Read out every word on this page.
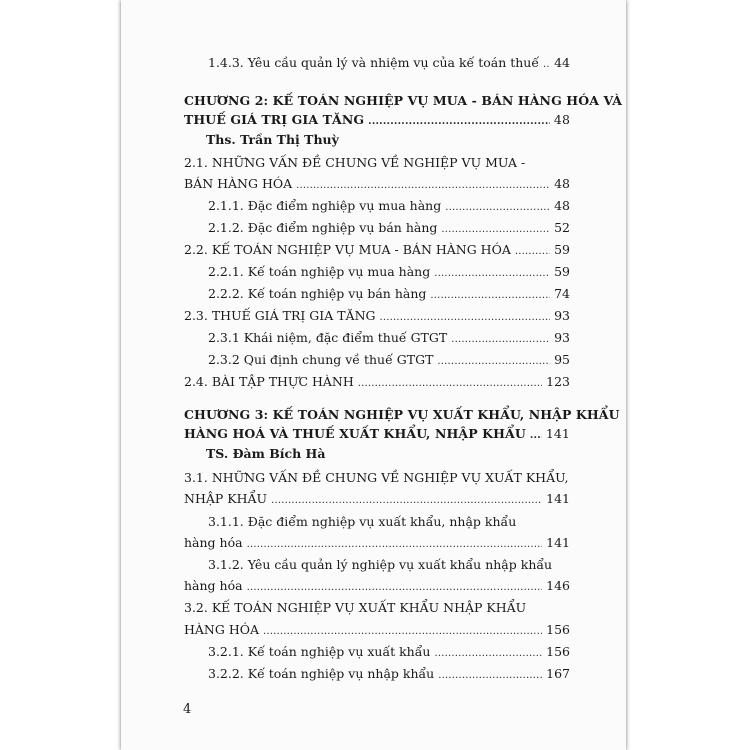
1.4.3. Yêu cầu quản lý và nhiệm vụ của kế toán thuế ..... 44
CHƯƠNG 2: KẾ TOÁN NGHIỆP VỤ MUA - BÁN HÀNG HÓA VÀ
THUẾ GIÁ TRỊ GIA TĂNG .....	48
Ths. Trần Thị Thuỳ
2.1. NHỮNG VẤN ĐỀ CHUNG VỀ NGHIỆP VỤ MUA -
BÁN HÀNG HÓA .....	48
2.1.1. Đặc điểm nghiệp vụ mua hàng .....	48
2.1.2. Đặc điểm nghiệp vụ bán hàng .....	52
2.2. KẾ TOÁN NGHIỆP VỤ MUA - BÁN HÀNG HÓA .....	59
2.2.1. Kế toán nghiệp vụ mua hàng .....	59
2.2.2. Kế toán nghiệp vụ bán hàng .....	74
2.3. THUẾ GIÁ TRỊ GIA TĂNG .....	93
2.3.1 Khái niệm, đặc điểm thuế GTGT .....	93
2.3.2 Qui định chung về thuế GTGT .....	95
2.4. BÀI TẬP THỰC HÀNH .....	123
CHƯƠNG 3: KẾ TOÁN NGHIỆP VỤ XUẤT KHẨU, NHẬP KHẨU
HÀNG HOÁ VÀ THUẾ XUẤT KHẨU, NHẬP KHẨU ..... 141
TS. Đàm Bích Hà
3.1. NHỮNG VẤN ĐỀ CHUNG VỀ NGHIỆP VỤ XUẤT KHẨU,
NHẬP KHẨU .....	141
3.1.1. Đặc điểm nghiệp vụ xuất khẩu, nhập khẩu
hàng hóa .....	141
3.1.2. Yêu cầu quản lý nghiệp vụ xuất khẩu nhập khẩu
hàng hóa .....	146
3.2. KẾ TOÁN NGHIỆP VỤ XUẤT KHẨU NHẬP KHẨU
HÀNG HÓA .....	156
3.2.1. Kế toán nghiệp vụ xuất khẩu .....	156
3.2.2. Kế toán nghiệp vụ nhập khẩu .....	167
4
